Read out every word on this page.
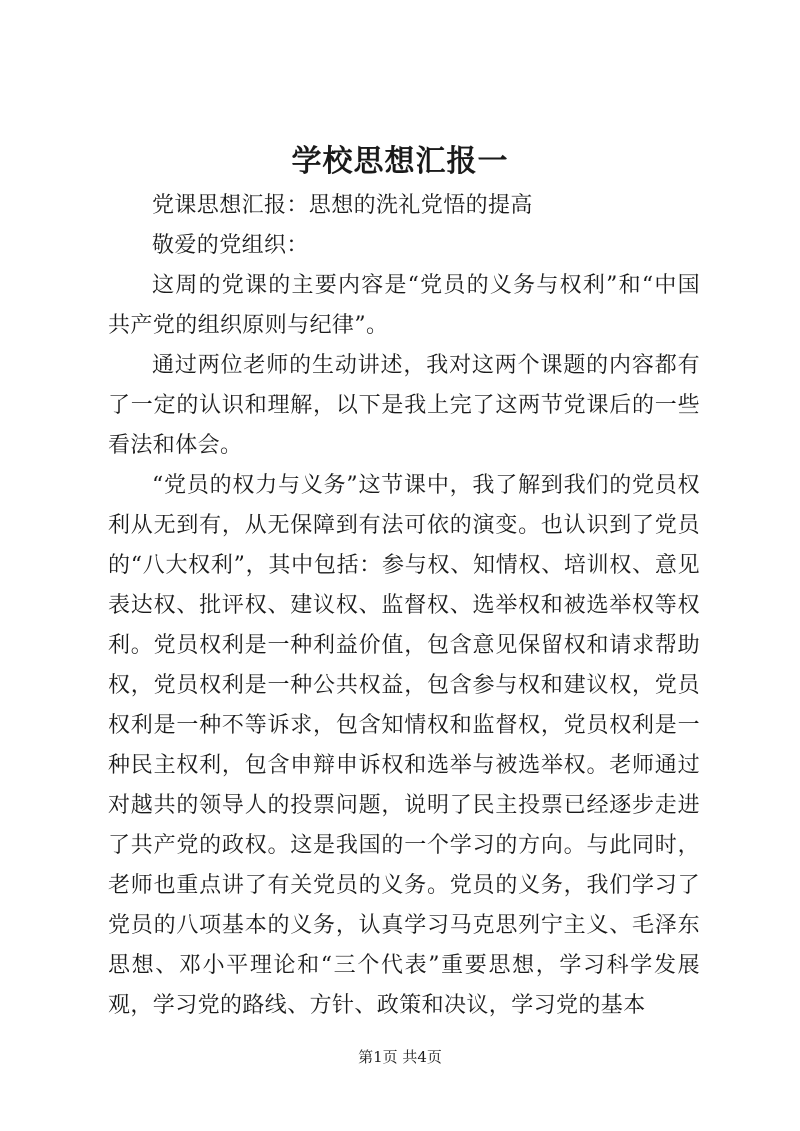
学校思想汇报一

党课思想汇报：思想的洗礼党悟的提高

敬爱的党组织：

这周的党课的主要内容是“党员的义务与权利”和“中国共产党的组织原则与纪律”。

通过两位老师的生动讲述，我对这两个课题的内容都有了一定的认识和理解，以下是我上完了这两节党课后的一些看法和体会。

“党员的权力与义务”这节课中，我了解到我们的党员权利从无到有，从无保障到有法可依的演变。也认识到了党员的“八大权利”，其中包括：参与权、知情权、培训权、意见表达权、批评权、建议权、监督权、选举权和被选举权等权利。党员权利是一种利益价值，包含意见保留权和请求帮助权，党员权利是一种公共权益，包含参与权和建议权，党员权利是一种不等诉求，包含知情权和监督权，党员权利是一种民主权利，包含申辩申诉权和选举与被选举权。老师通过对越共的领导人的投票问题，说明了民主投票已经逐步走进了共产党的政权。这是我国的一个学习的方向。与此同时，老师也重点讲了有关党员的义务。党员的义务，我们学习了党员的八项基本的义务，认真学习马克思列宁主义、毛泽东思想、邓小平理论和“三个代表”重要思想，学习科学发展观，学习党的路线、方针、政策和决议，学习党的基本

第1页 共4页
